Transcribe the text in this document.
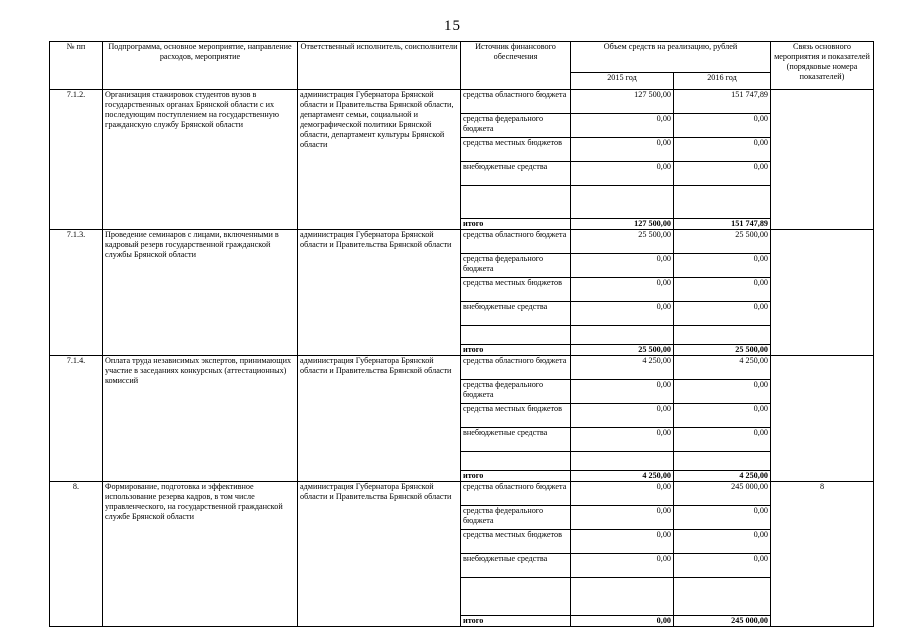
15
№ пп	Подпрограмма, основное мероприятие, направление расходов, мероприятие	Ответственный исполнитель, соисполнители	Источник финансового обеспечения	Объем средств на реализацию, рублей		Связь основного мероприятия и показателей (порядковые номера показателей)
				2015 год	2016 год	
7.1.2.	Организация стажировок студентов вузов в государственных органах Брянской области с их последующим поступлением на государственную гражданскую службу Брянской области	администрация Губернатора Брянской области и Правительства Брянской области, департамент семьи, социальной и демографической политики Брянской области, департамент культуры Брянской области	средства областного бюджета	127 500,00	151 747,89	
			средства федерального бюджета	0,00	0,00	
			средства местных бюджетов	0,00	0,00	
			внебюджетные средства	0,00	0,00	

			итого	127 500,00	151 747,89	
7.1.3.	Проведение семинаров с лицами, включенными в кадровый резерв государственной гражданской службы Брянской области	администрация Губернатора Брянской области и Правительства Брянской области	средства областного бюджета	25 500,00	25 500,00	
			средства федерального бюджета	0,00	0,00	
			средства местных бюджетов	0,00	0,00	
			внебюджетные средства	0,00	0,00	

			итого	25 500,00	25 500,00	
7.1.4.	Оплата труда независимых экспертов, принимающих участие в заседаниях конкурсных (аттестационных) комиссий	администрация Губернатора Брянской области и Правительства Брянской области	средства областного бюджета	4 250,00	4 250,00	
			средства федерального бюджета	0,00	0,00	
			средства местных бюджетов	0,00	0,00	
			внебюджетные средства	0,00	0,00	

			итого	4 250,00	4 250,00	
8.	Формирование, подготовка и эффективное использование резерва кадров, в том числе управленческого, на государственной гражданской службе Брянской области	администрация Губернатора Брянской области и Правительства Брянской области	средства областного бюджета	0,00	245 000,00	8
			средства федерального бюджета	0,00	0,00	
			средства местных бюджетов	0,00	0,00	
			внебюджетные средства	0,00	0,00	

			итого	0,00	245 000,00	
